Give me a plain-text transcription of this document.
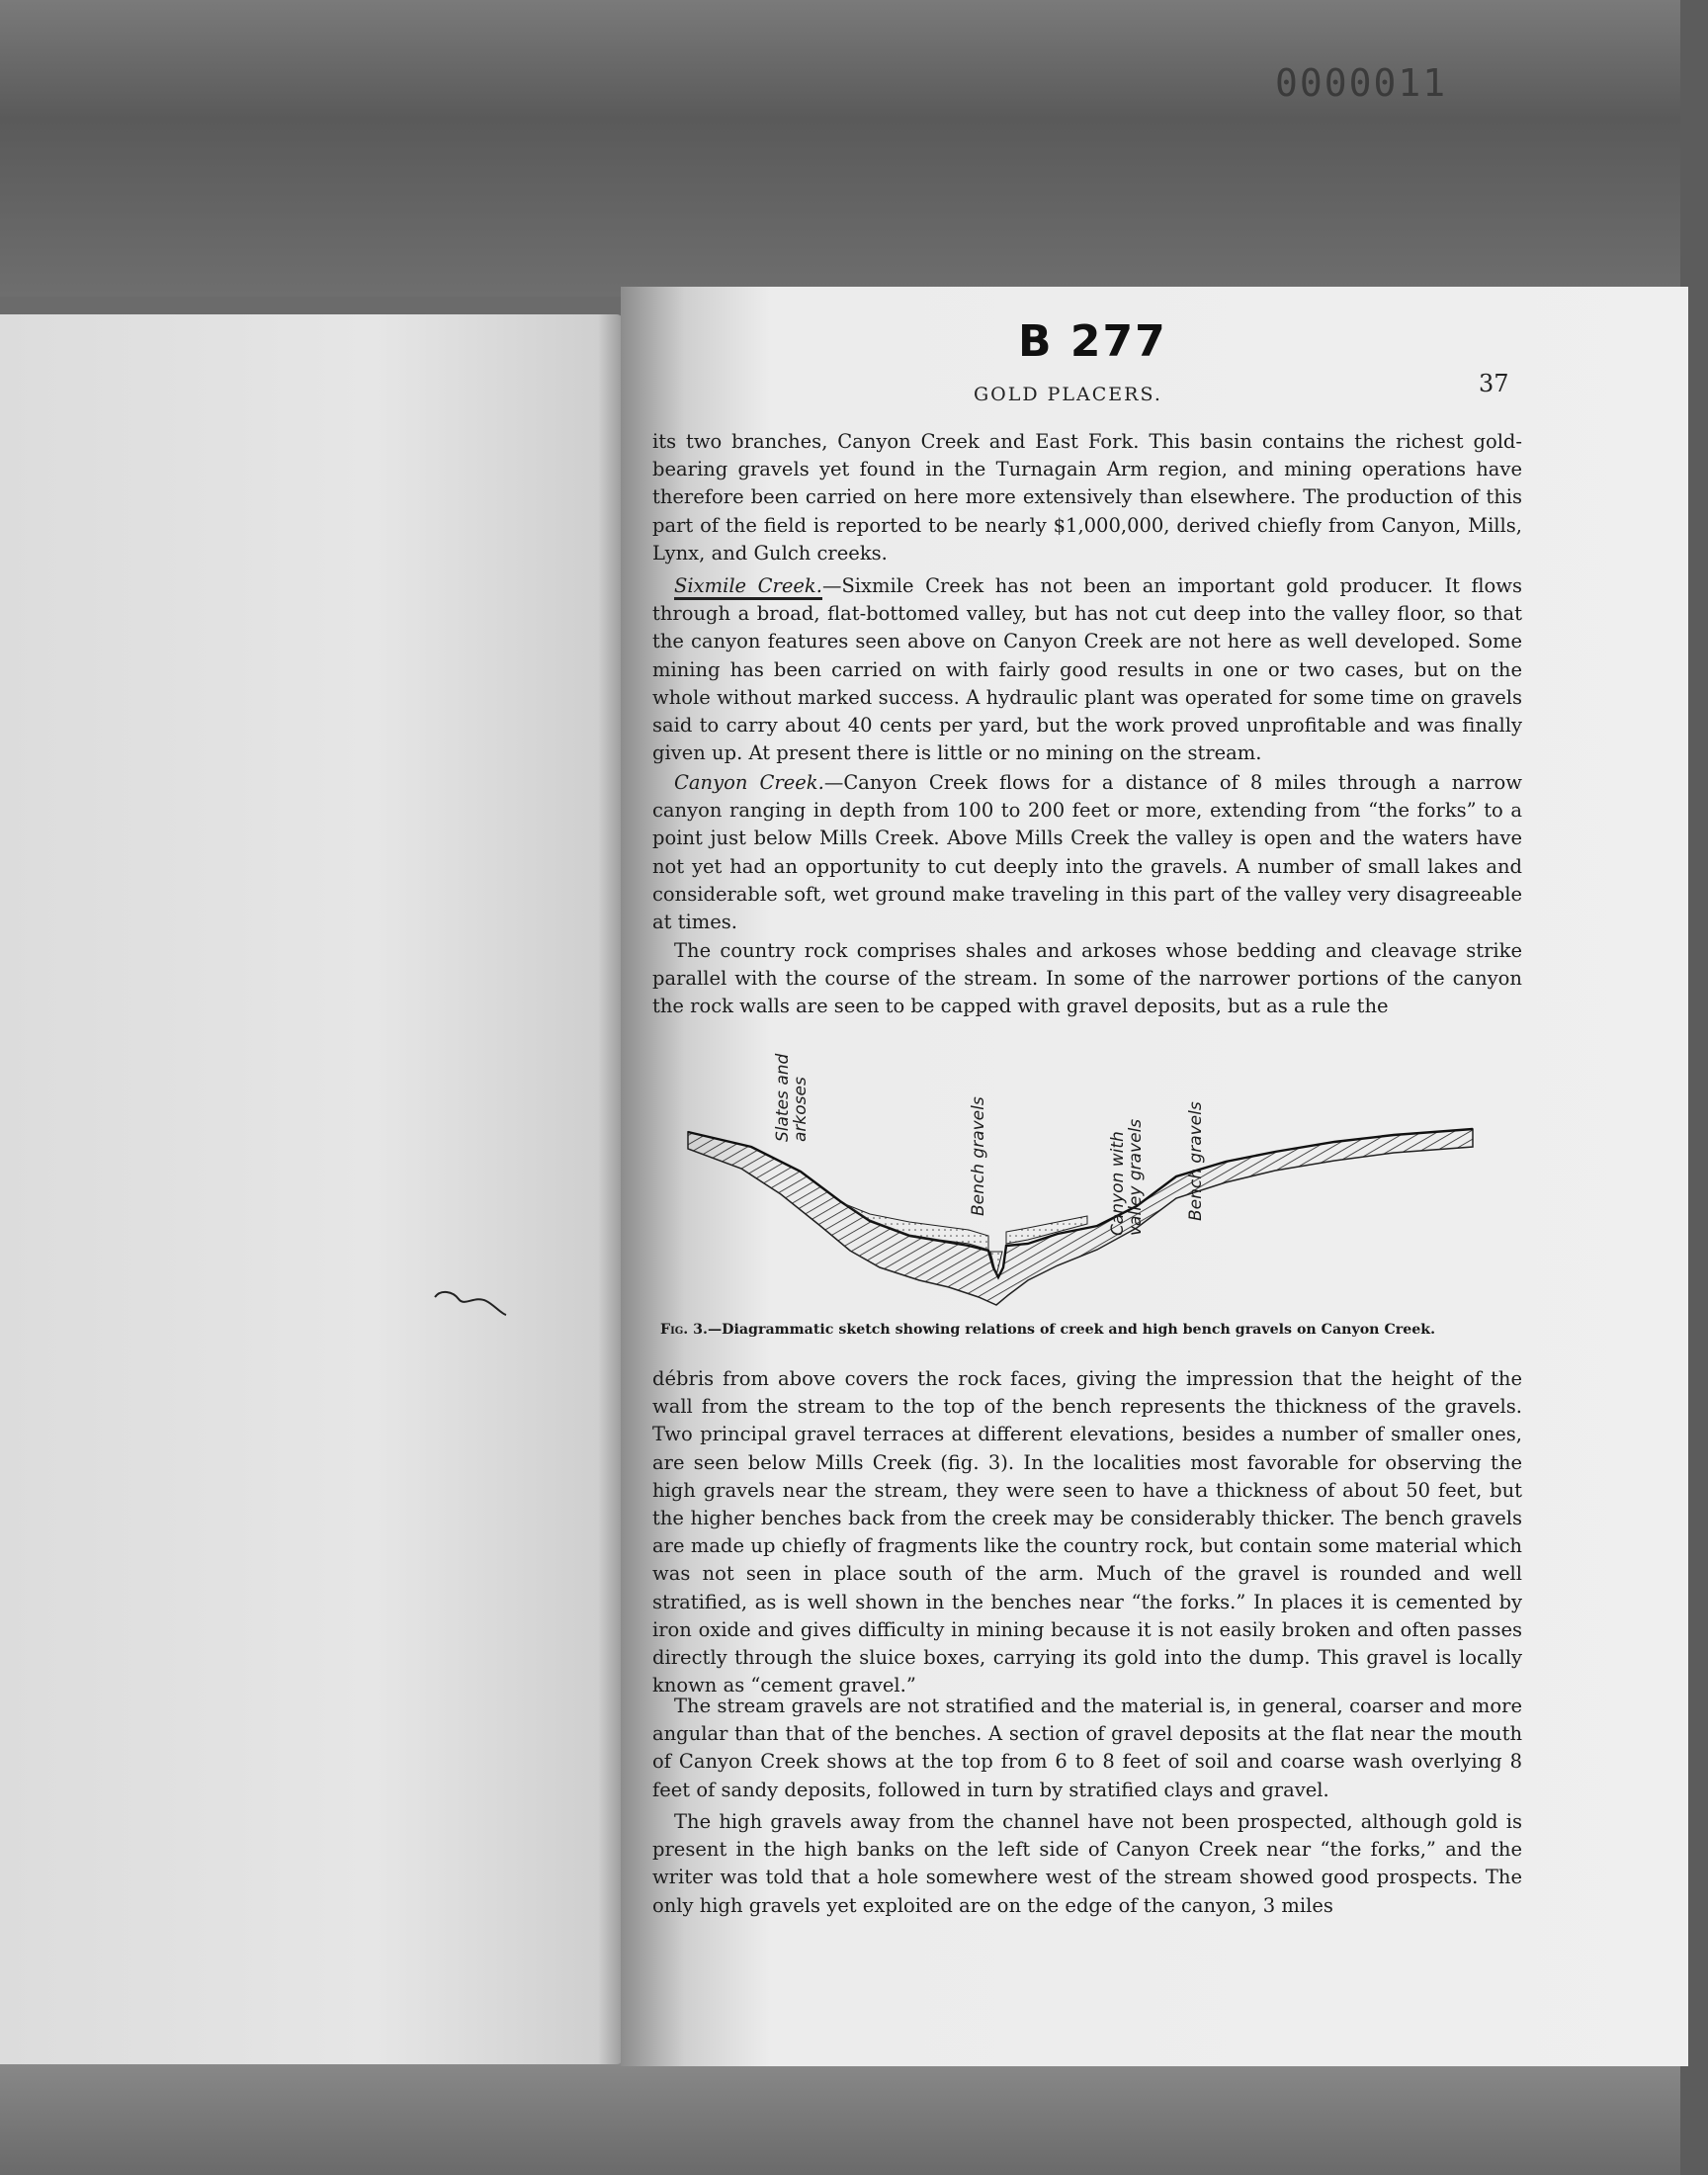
0000011
B 277
GOLD PLACERS.	37

its two branches, Canyon Creek and East Fork. This basin contains the richest gold-bearing gravels yet found in the Turnagain Arm region, and mining operations have therefore been carried on here more extensively than elsewhere. The production of this part of the field is reported to be nearly $1,000,000, derived chiefly from Canyon, Mills, Lynx, and Gulch creeks.

Sixmile Creek.—Sixmile Creek has not been an important gold producer. It flows through a broad, flat-bottomed valley, but has not cut deep into the valley floor, so that the canyon features seen above on Canyon Creek are not here as well developed. Some mining has been carried on with fairly good results in one or two cases, but on the whole without marked success. A hydraulic plant was operated for some time on gravels said to carry about 40 cents per yard, but the work proved unprofitable and was finally given up. At present there is little or no mining on the stream.

Canyon Creek.—Canyon Creek flows for a distance of 8 miles through a narrow canyon ranging in depth from 100 to 200 feet or more, extending from “the forks” to a point just below Mills Creek. Above Mills Creek the valley is open and the waters have not yet had an opportunity to cut deeply into the gravels. A number of small lakes and considerable soft, wet ground make traveling in this part of the valley very disagreeable at times.

The country rock comprises shales and arkoses whose bedding and cleavage strike parallel with the course of the stream. In some of the narrower portions of the canyon the rock walls are seen to be capped with gravel deposits, but as a rule the

Slates and
arkoses	Bench gravels	Canyon with
valley gravels Bench gravels

Fig. 3.—Diagrammatic sketch showing relations of creek and high bench gravels on Canyon Creek.

débris from above covers the rock faces, giving the impression that the height of the wall from the stream to the top of the bench represents the thickness of the gravels. Two principal gravel terraces at different elevations, besides a number of smaller ones, are seen below Mills Creek (fig. 3). In the localities most favorable for observing the high gravels near the stream, they were seen to have a thickness of about 50 feet, but the higher benches back from the creek may be considerably thicker. The bench gravels are made up chiefly of fragments like the country rock, but contain some material which was not seen in place south of the arm. Much of the gravel is rounded and well stratified, as is well shown in the benches near “the forks.” In places it is cemented by iron oxide and gives difficulty in mining because it is not easily broken and often passes directly through the sluice boxes, carrying its gold into the dump. This gravel is locally known as “cement gravel.”

The stream gravels are not stratified and the material is, in general, coarser and more angular than that of the benches. A section of gravel deposits at the flat near the mouth of Canyon Creek shows at the top from 6 to 8 feet of soil and coarse wash overlying 8 feet of sandy deposits, followed in turn by stratified clays and gravel.

The high gravels away from the channel have not been prospected, although gold is present in the high banks on the left side of Canyon Creek near “the forks,” and the writer was told that a hole somewhere west of the stream showed good prospects. The only high gravels yet exploited are on the edge of the canyon, 3 miles
